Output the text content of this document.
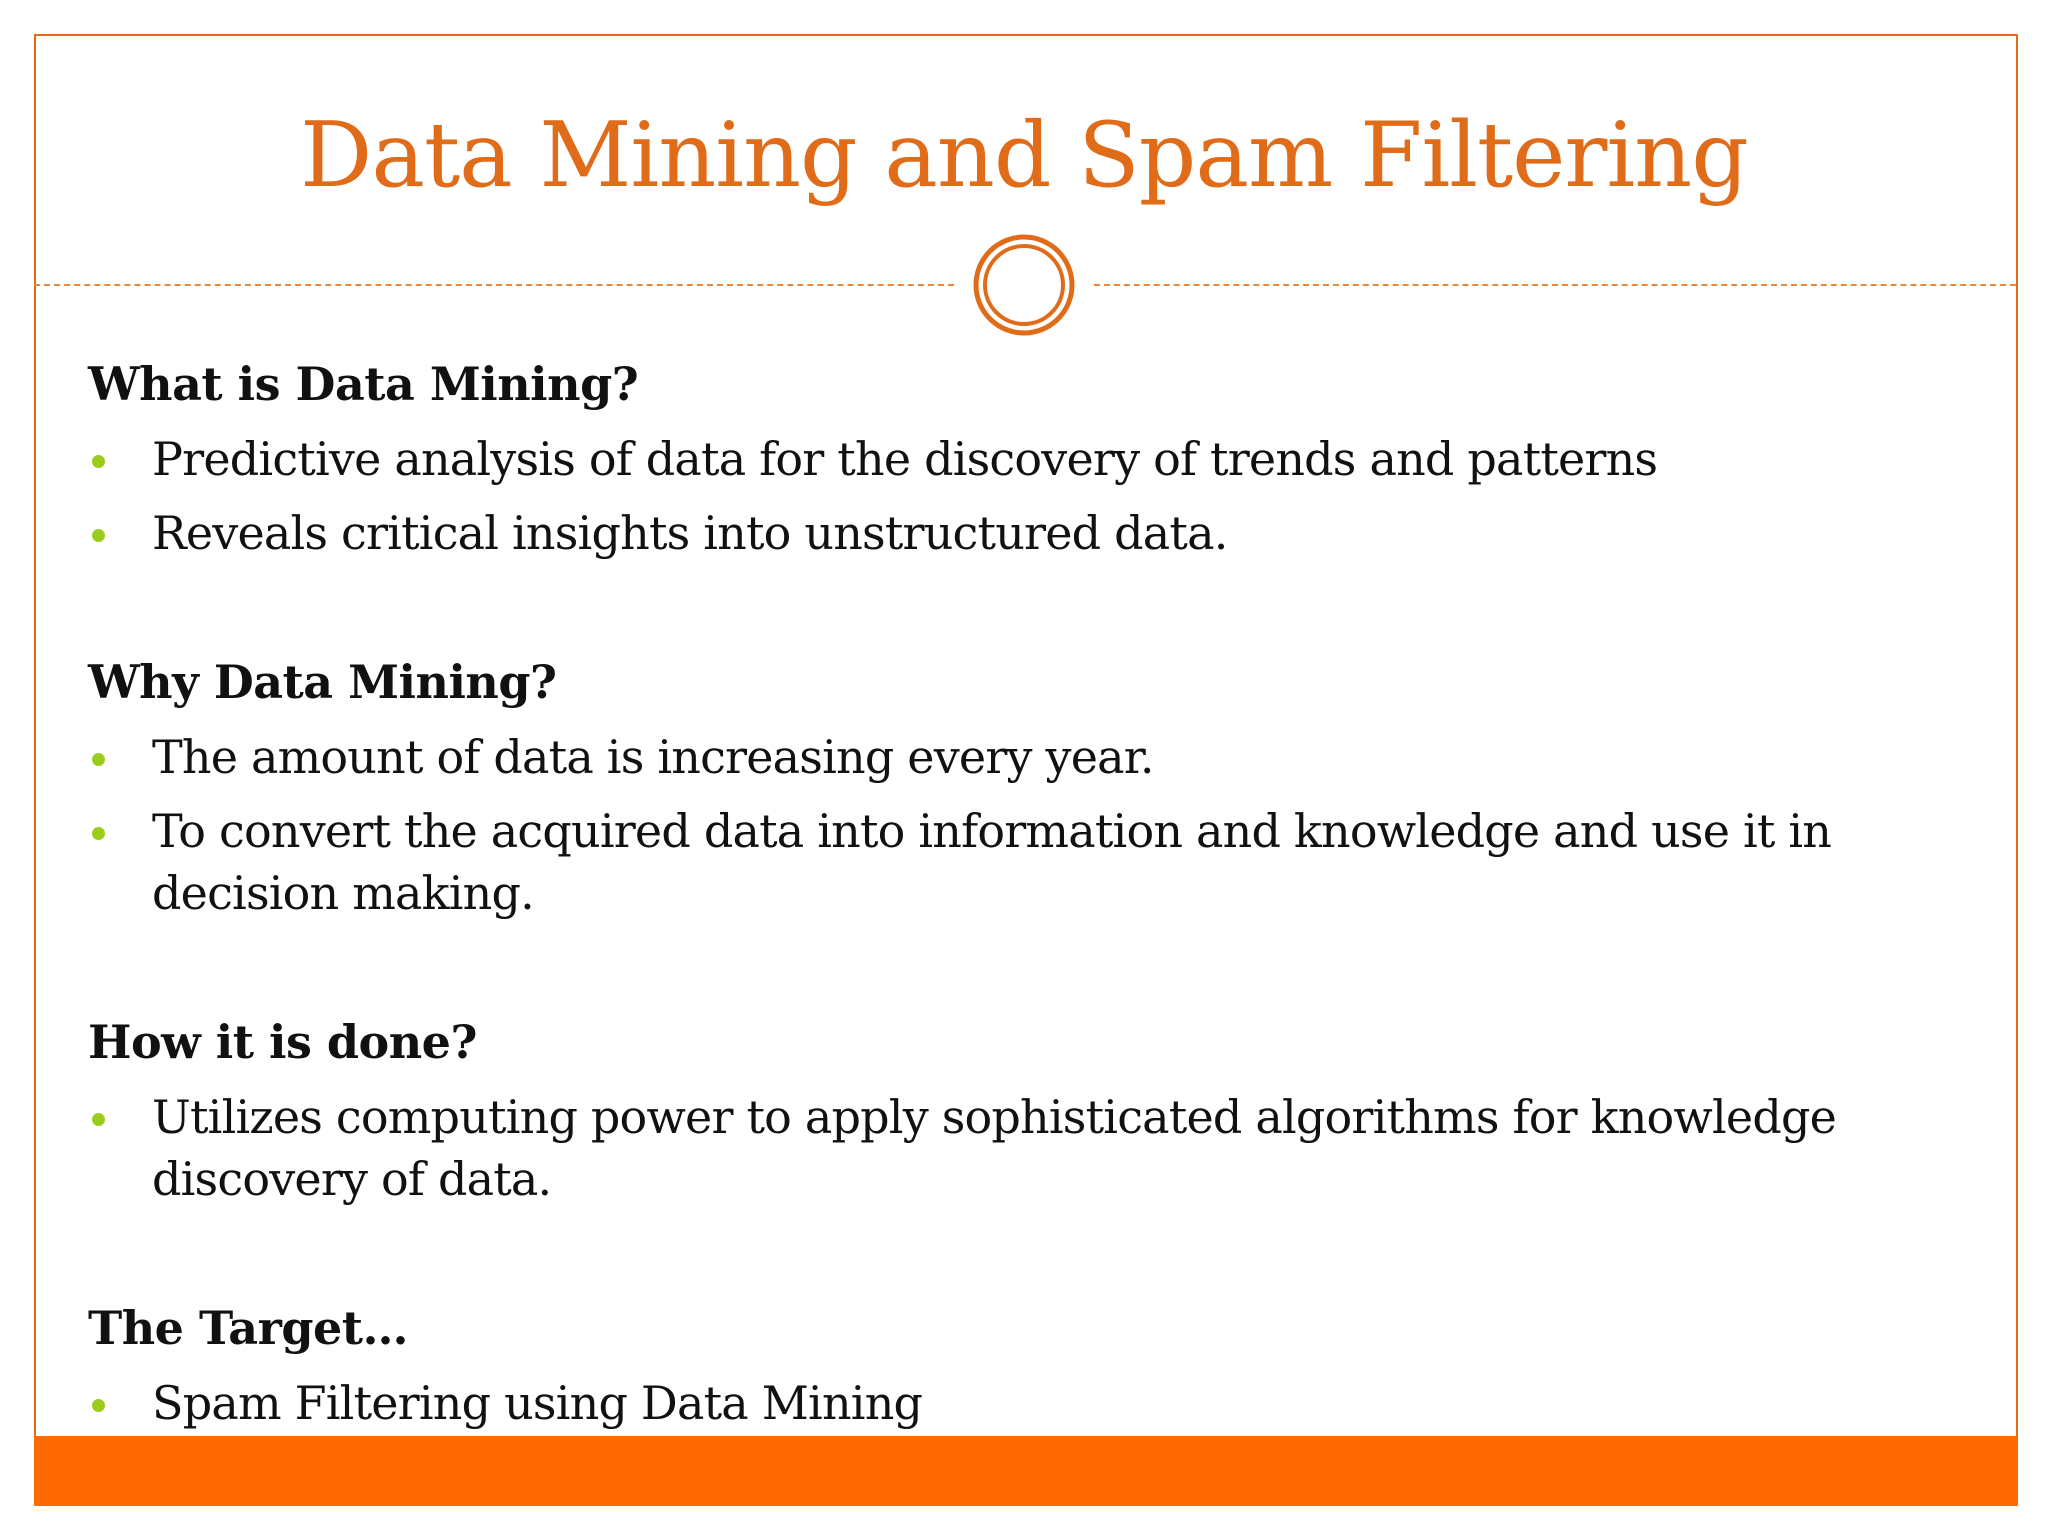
Data Mining and Spam Filtering
What is Data Mining?
Predictive analysis of data for the discovery of trends and patterns
Reveals critical insights into unstructured data.
Why Data Mining?
The amount of data is increasing every year.
To convert the acquired data into information and knowledge and use it in decision making.
How it is done?
Utilizes computing power to apply sophisticated algorithms for knowledge discovery of data.
The Target…
Spam Filtering using Data Mining
